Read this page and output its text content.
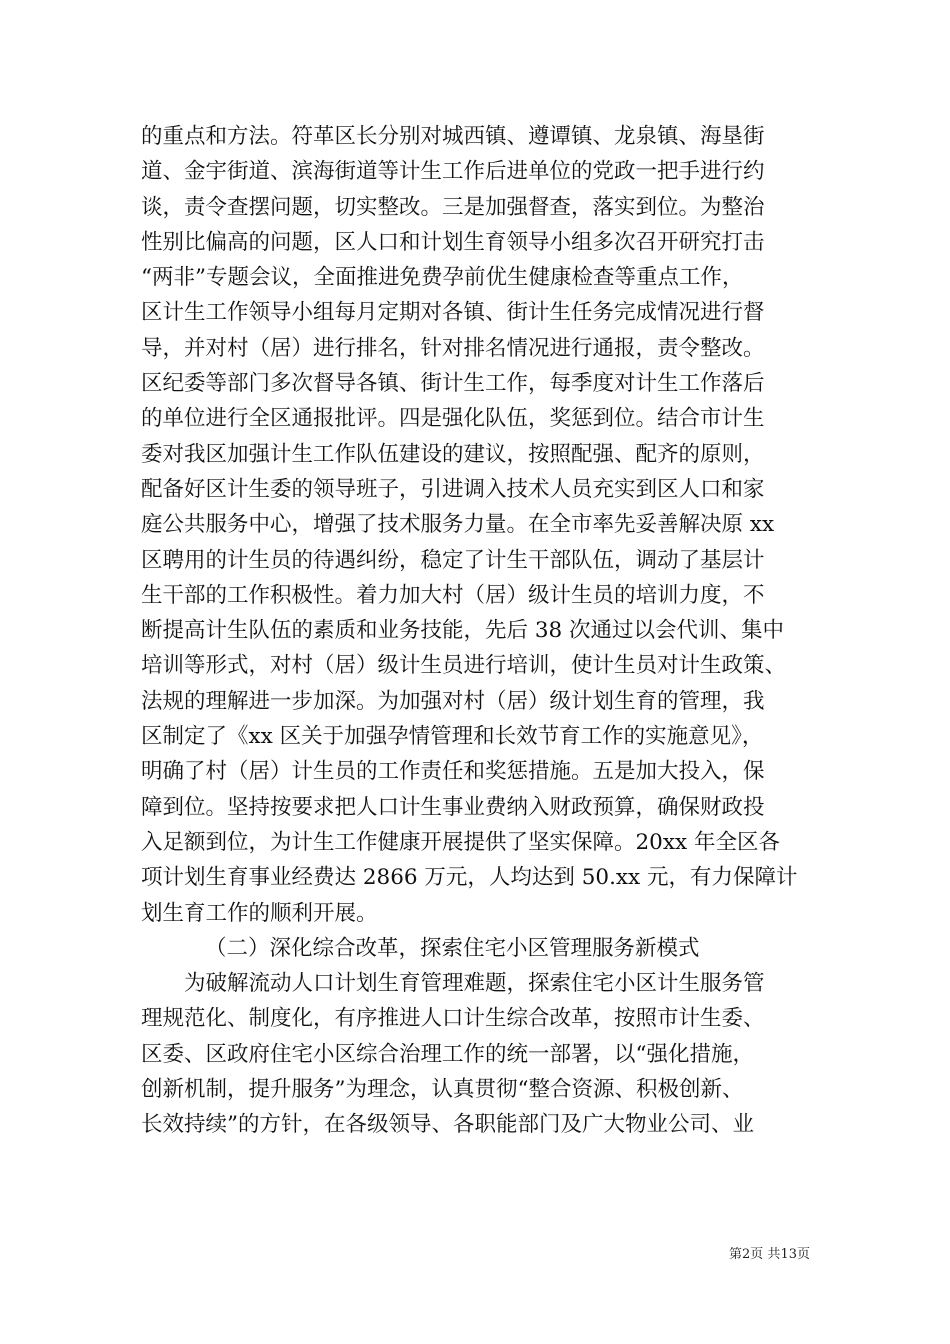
的重点和方法。符革区长分别对城西镇、遵谭镇、龙泉镇、海垦街
道、金宇街道、滨海街道等计生工作后进单位的党政一把手进行约
谈，责令查摆问题，切实整改。三是加强督查，落实到位。为整治
性别比偏高的问题，区人口和计划生育领导小组多次召开研究打击
“两非”专题会议，全面推进免费孕前优生健康检查等重点工作，
区计生工作领导小组每月定期对各镇、街计生任务完成情况进行督
导，并对村（居）进行排名，针对排名情况进行通报，责令整改。
区纪委等部门多次督导各镇、街计生工作，每季度对计生工作落后
的单位进行全区通报批评。四是强化队伍，奖惩到位。结合市计生
委对我区加强计生工作队伍建设的建议，按照配强、配齐的原则，
配备好区计生委的领导班子，引进调入技术人员充实到区人口和家
庭公共服务中心，增强了技术服务力量。在全市率先妥善解决原 xx
区聘用的计生员的待遇纠纷，稳定了计生干部队伍，调动了基层计
生干部的工作积极性。着力加大村（居）级计生员的培训力度，不
断提高计生队伍的素质和业务技能，先后 38 次通过以会代训、集中
培训等形式，对村（居）级计生员进行培训，使计生员对计生政策、
法规的理解进一步加深。为加强对村（居）级计划生育的管理，我
区制定了《xx 区关于加强孕情管理和长效节育工作的实施意见》，
明确了村（居）计生员的工作责任和奖惩措施。五是加大投入，保
障到位。坚持按要求把人口计生事业费纳入财政预算，确保财政投
入足额到位，为计生工作健康开展提供了坚实保障。20xx 年全区各
项计划生育事业经费达 2866 万元，人均达到 50.xx 元，有力保障计
划生育工作的顺利开展。
（二）深化综合改革，探索住宅小区管理服务新模式
为破解流动人口计划生育管理难题，探索住宅小区计生服务管
理规范化、制度化，有序推进人口计生综合改革，按照市计生委、
区委、区政府住宅小区综合治理工作的统一部署，以“强化措施，
创新机制，提升服务”为理念，认真贯彻“整合资源、积极创新、
长效持续”的方针，在各级领导、各职能部门及广大物业公司、业
第2页 共13页
